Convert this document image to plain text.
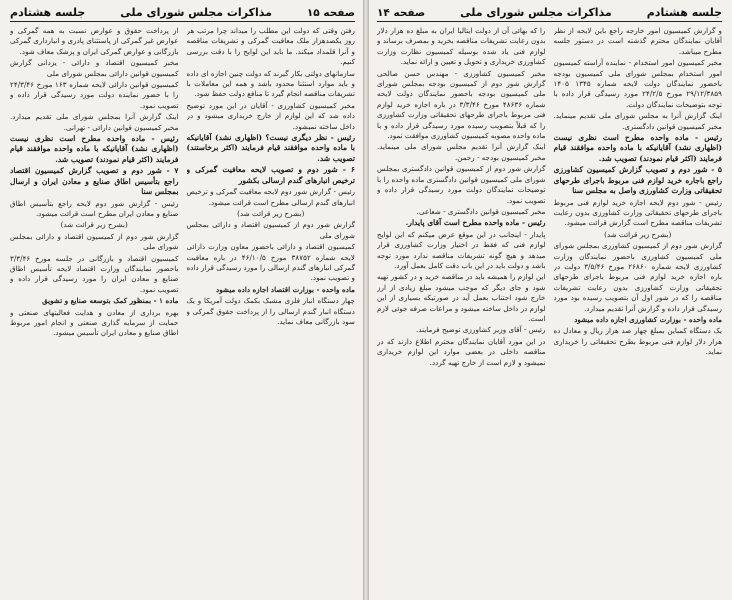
جلسه هشتادم
مذاکرات مجلس شورای ملی
صفحه ۱۴

و گزارش کمیسیون امور خارجه راجع باین لایحه از نظر آقایان نمایندگان محترم گذشته است در دستور جلسه مطرح میباشد.

مخبر کمیسیون امور استخدام - نماینده آراسته کمیسیون امور استخدام بمجلس شورای ملی کمیسیون بودجه باحضور نمایندگان دولت لایحه شماره ۱۳۴۵ ۱۴۰۵ ۲۹/۱۲/۳۸۵۹ مورخ ۲۴/۲/۵ مورد رسیدگی قرار داده با توجه بتوضیحات نمایندگان دولت.

اینک گزارش آنرا به مجلس شورای ملی تقدیم مینماید. مخبر کمیسیون قوانین دادگستری.

رئیس - ماده واحده مطرح است نظری نیست (اظهاری نشد) آقایانیکه با ماده واحده موافقند قیام فرمایند (اکثر قیام نمودند) تصویب شد.

۵ - شور دوم و تصویب گزارش کمیسیون کشاورزی راجع باجاره خرید لوازم فنی مربوط باجرای طرحهای تحقیقاتی وزارت کشاورزی واصل به مجلس سنا

رئیس - شور دوم لایحه اجازه خرید لوازم فنی مربوط باجرای طرحهای تحقیقاتی وزارت کشاورزی بدون رعایت تشریفات مناقصه مطرح است گزارش قرائت میشود.

(بشرح زیر قرائت شد)

گزارش شور دوم از کمیسیون کشاورزی بمجلس شورای ملی کمیسیون کشاورزی باحضور نمایندگان وزارت کشاورزی لایحه شماره ۲۶۸۶۰ مورخ ۳/۵/۴۶ دولت در باره اجازه خرید لوازم فنی مربوط باجرای طرحهای تحقیقاتی وزارت کشاورزی بدون رعایت تشریفات مناقصه را که در شور اول آن بتصویب رسیده بود مورد رسیدگی قرار داده و گزارش آنرا تقدیم میدارد.

ماده واحده - بوزارت کشاورزی اجازه داده میشود

یک دستگاه کمباین بمبلغ چهار صد هزار ریال و معادل ده هزار دلار لوازم فنی مربوط بطرح تحقیقاتی را خریداری نماید.

را که بهائی آن از دولت ایتالیا ایران به مبلغ ده هزار دلار بدون رعایت تشریفات مناقصه بخرید و بمصرف برساند و لوازم فنی یاد شده بوسیله کمیسیون نظارت وزارت کشاورزی خریداری و تحویل و تعیین و ارائه نماید.

مخبر کمیسیون کشاورزی - مهندس حسن صالحی گزارش شور دوم از کمیسیون بودجه بمجلس شورای ملی کمیسیون بودجه باحضور نمایندگان دولت لایحه شماره ۴۸۶۳۶ مورخ ۳/۳/۴۶ در باره اجازه خرید لوازم فنی مربوط باجرای طرحهای تحقیقاتی وزارت کشاورزی را که قبلاً بتصویب رسیده مورد رسیدگی قرار داده و با ماده واحده مصوبه کمیسیون کشاورزی موافقت نمود.

اینک گزارش آنرا تقدیم مجلس شورای ملی مینماید. مخبر کمیسیون بودجه - رحمن.

گزارش شور دوم از کمیسیون قوانین دادگستری بمجلس شورای ملی کمیسیون قوانین دادگستری ماده واحده را با توضیحات نمایندگان دولت مورد رسیدگی قرار داده و تصویب نمود.

مخبر کمیسیون قوانین دادگستری - شعاعی.

رئیس - ماده واحده مطرح است آقای پایدار.

پایدار - اینجانب در این موقع عرض میکنم که این لوایح لوازم فنی که فقط در اختیار وزارت کشاورزی قرار میدهد و هیچ گونه تشریفات مناقصه ندارد مورد توجه باشد و دولت باید در این باب دقت کامل بعمل آورد.

این لوازم را همیشه باید در مناقصه خرید و در کشور تهیه شود و جای دیگر که موجب میشود مبلغ زیادی از ارز خارج شود اجتناب بعمل آید در صورتیکه بسیاری از این لوازم در داخل ساخته میشود و مراعات صرفه جوئی لازم است.

رئیس - آقای وزیر کشاورزی توضیح فرمایند.

در این مورد آقایان نمایندگان محترم اطلاع دارند که در مناقصه داخلی در بعضی موارد این لوازم خریداری نمیشود و لازم است از خارج تهیه گردد.

صفحه ۱۵
مذاکرات مجلس شورای ملی
جلسه هشتادم

رفتن وقتی که دولت این مطلب را میداند چرا مرتب هر روز یکصدهزار ملک معافیت گمرکی و تشریفات مناقصه و آنرا قلمداد میکند. ما باید این لوایح را با دقت بررسی کنیم.

سازمانهای دولتی بکار گیرند که دولت چنین اجازه ای داده و باید موارد استثنا محدود باشد و همه این معاملات با تشریفات مناقصه انجام گیرد تا منافع دولت حفظ شود.

مخبر کمیسیون کشاورزی - آقایان در این مورد توضیح داده شد که این لوازم از خارج خریداری میشود و در داخل ساخته نمیشود.

رئیس - نظر دیگری نیست؟ (اظهاری نشد) آقایانیکه با ماده واحده موافقند قیام فرمایند (اکثر برخاستند) تصویب شد.

۶ - شور دوم و تصویب لایحه معافیت گمرکی و ترخیص انبارهای گندم ارسالی بکشور

رئیس - گزارش شور دوم لایحه معافیت گمرکی و ترخیص انبارهای گندم ارسالی مطرح است قرائت میشود.

(بشرح زیر قرائت شد)

گزارش شور دوم از کمیسیون اقتصاد و دارائی بمجلس شورای ملی

کمیسیون اقتصاد و دارائی باحضور معاون وزارت دارائی لایحه شماره ۳۸۷۵۲ مورخ ۴۶/۱۰/۵ در باره معافیت گمرکی انبارهای گندم ارسالی را مورد رسیدگی قرار داده و تصویب نمود.

ماده واحده - بوزارت اقتصاد اجازه داده میشود

چهار دستگاه انبار فلزی مشبک بکمک دولت آمریکا و یک دستگاه انبار گندم ارسالی را از پرداخت حقوق گمرکی و سود بازرگانی معاف نماید.

از پرداخت حقوق و عوارض نسبت به همه گمرکی و عوارض غیر گمرکی از پاستثنای پادری و انبارداری گمرکی بازرگانی و عوارض گمرکی ایران و پزشک معاف شود.

مخبر کمیسیون اقتصاد و دارائی - یزدانی گزارش کمیسیون قوانین دارائی بمجلس شورای ملی

کمیسیون قوانین دارائی لایحه شماره ۱۶۳ مورخ ۲۴/۳/۴۶ را با حضور نماینده دولت مورد رسیدگی قرار داده و تصویب نمود.

اینک گزارش آنرا بمجلس شورای ملی تقدیم میدارد. مخبر کمیسیون قوانین دارائی - تهرانی.

رئیس - ماده واحده مطرح است نظری نیست (اظهاری نشد) آقایانیکه با ماده واحده موافقند قیام فرمایند (اکثر قیام نمودند) تصویب شد.

۷ - شور دوم و تصویب گزارش کمیسیون اقتصاد راجع بتأسیس اطاق صنایع و معادن ایران و ارسال بمجلس سنا

رئیس - گزارش شور دوم لایحه راجع بتأسیس اطاق صنایع و معادن ایران مطرح است قرائت میشود.

(بشرح زیر قرائت شد)

گزارش شور دوم از کمیسیون اقتصاد و دارائی بمجلس شورای ملی

کمیسیون اقتصاد و بازرگانی در جلسه مورخ ۳/۳/۴۶ باحضور نمایندگان وزارت اقتصاد لایحه تأسیس اطاق صنایع و معادن ایران را مورد رسیدگی قرار داده و تصویب نمود.

ماده ۱ - بمنظور کمک بتوسعه صنایع و تشویق

بهره برداری از معادن و هدایت فعالیتهای صنعتی و حمایت از سرمایه گذاری صنعتی و انجام امور مربوط اطاق صنایع و معادن ایران تأسیس میشود.
